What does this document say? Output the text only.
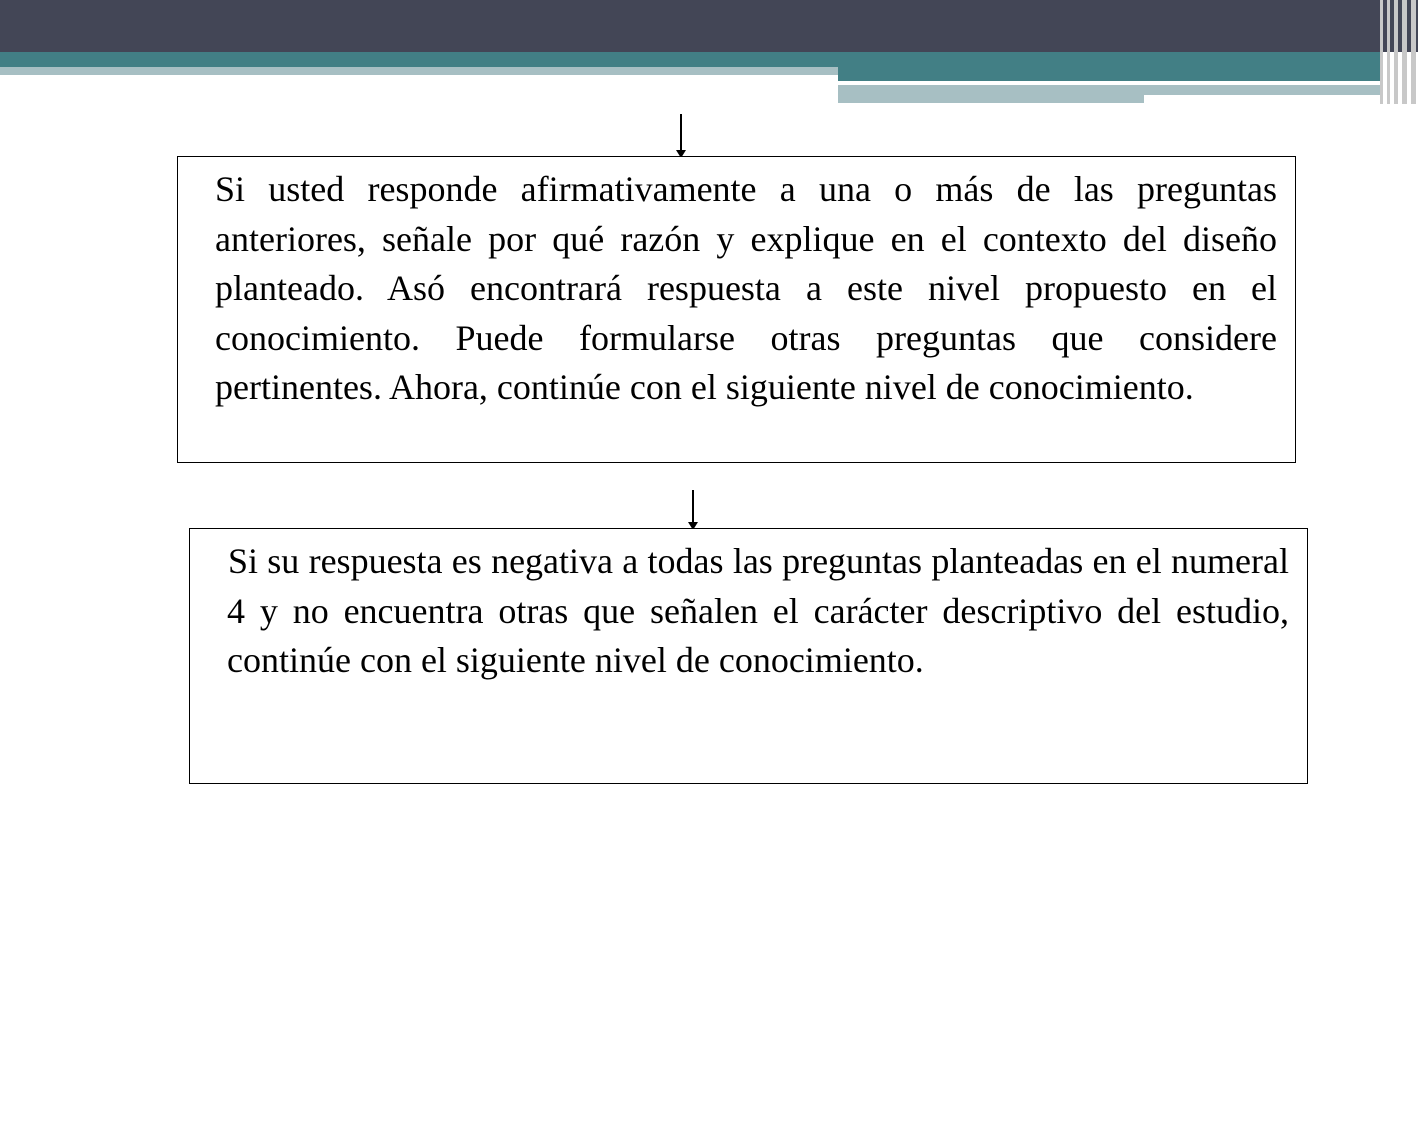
Si usted responde afirmativamente a una o más de las preguntas anteriores, señale por qué razón y explique en el contexto del diseño planteado. Asó encontrará respuesta a este nivel propuesto en el conocimiento. Puede formularse otras preguntas que considere pertinentes. Ahora, continúe con el siguiente nivel de conocimiento.

Si su respuesta es negativa a todas las preguntas planteadas en el numeral 4 y no encuentra otras que señalen el carácter descriptivo del estudio, continúe con el siguiente nivel de conocimiento.
